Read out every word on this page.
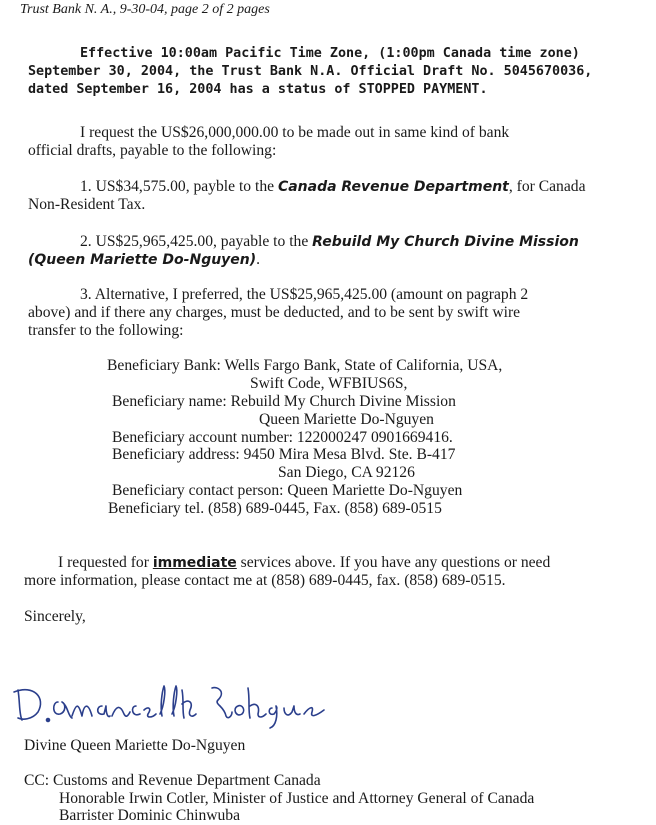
Trust Bank N. A., 9-30-04, page 2 of 2 pages
Effective 10:00am Pacific Time Zone, (1:00pm Canada time zone)
September 30, 2004, the Trust Bank N.A. Official Draft No. 5045670036,
dated September 16, 2004 has a status of STOPPED PAYMENT.
I request the US$26,000,000.00 to be made out in same kind of bank
official drafts, payable to the following:
1. US$34,575.00, payble to the Canada Revenue Department, for Canada
Non-Resident Tax.
2. US$25,965,425.00, payable to the Rebuild My Church Divine Mission
(Queen Mariette Do-Nguyen).
3. Alternative, I preferred, the US$25,965,425.00 (amount on pagraph 2
above) and if there any charges, must be deducted, and to be sent by swift wire
transfer to the following:
Beneficiary Bank: Wells Fargo Bank, State of California, USA,
Swift Code, WFBIUS6S,
Beneficiary name: Rebuild My Church Divine Mission
Queen Mariette Do-Nguyen
Beneficiary account number: 122000247 0901669416.
Beneficiary address: 9450 Mira Mesa Blvd. Ste. B-417
San Diego, CA 92126
Beneficiary contact person: Queen Mariette Do-Nguyen
Beneficiary tel. (858) 689-0445, Fax. (858) 689-0515
I requested for immediate services above. If you have any questions or need
more information, please contact me at (858) 689-0445, fax. (858) 689-0515.
Sincerely,
Divine Queen Mariette Do-Nguyen
CC: Customs and Revenue Department Canada
Honorable Irwin Cotler, Minister of Justice and Attorney General of Canada
Barrister Dominic Chinwuba
